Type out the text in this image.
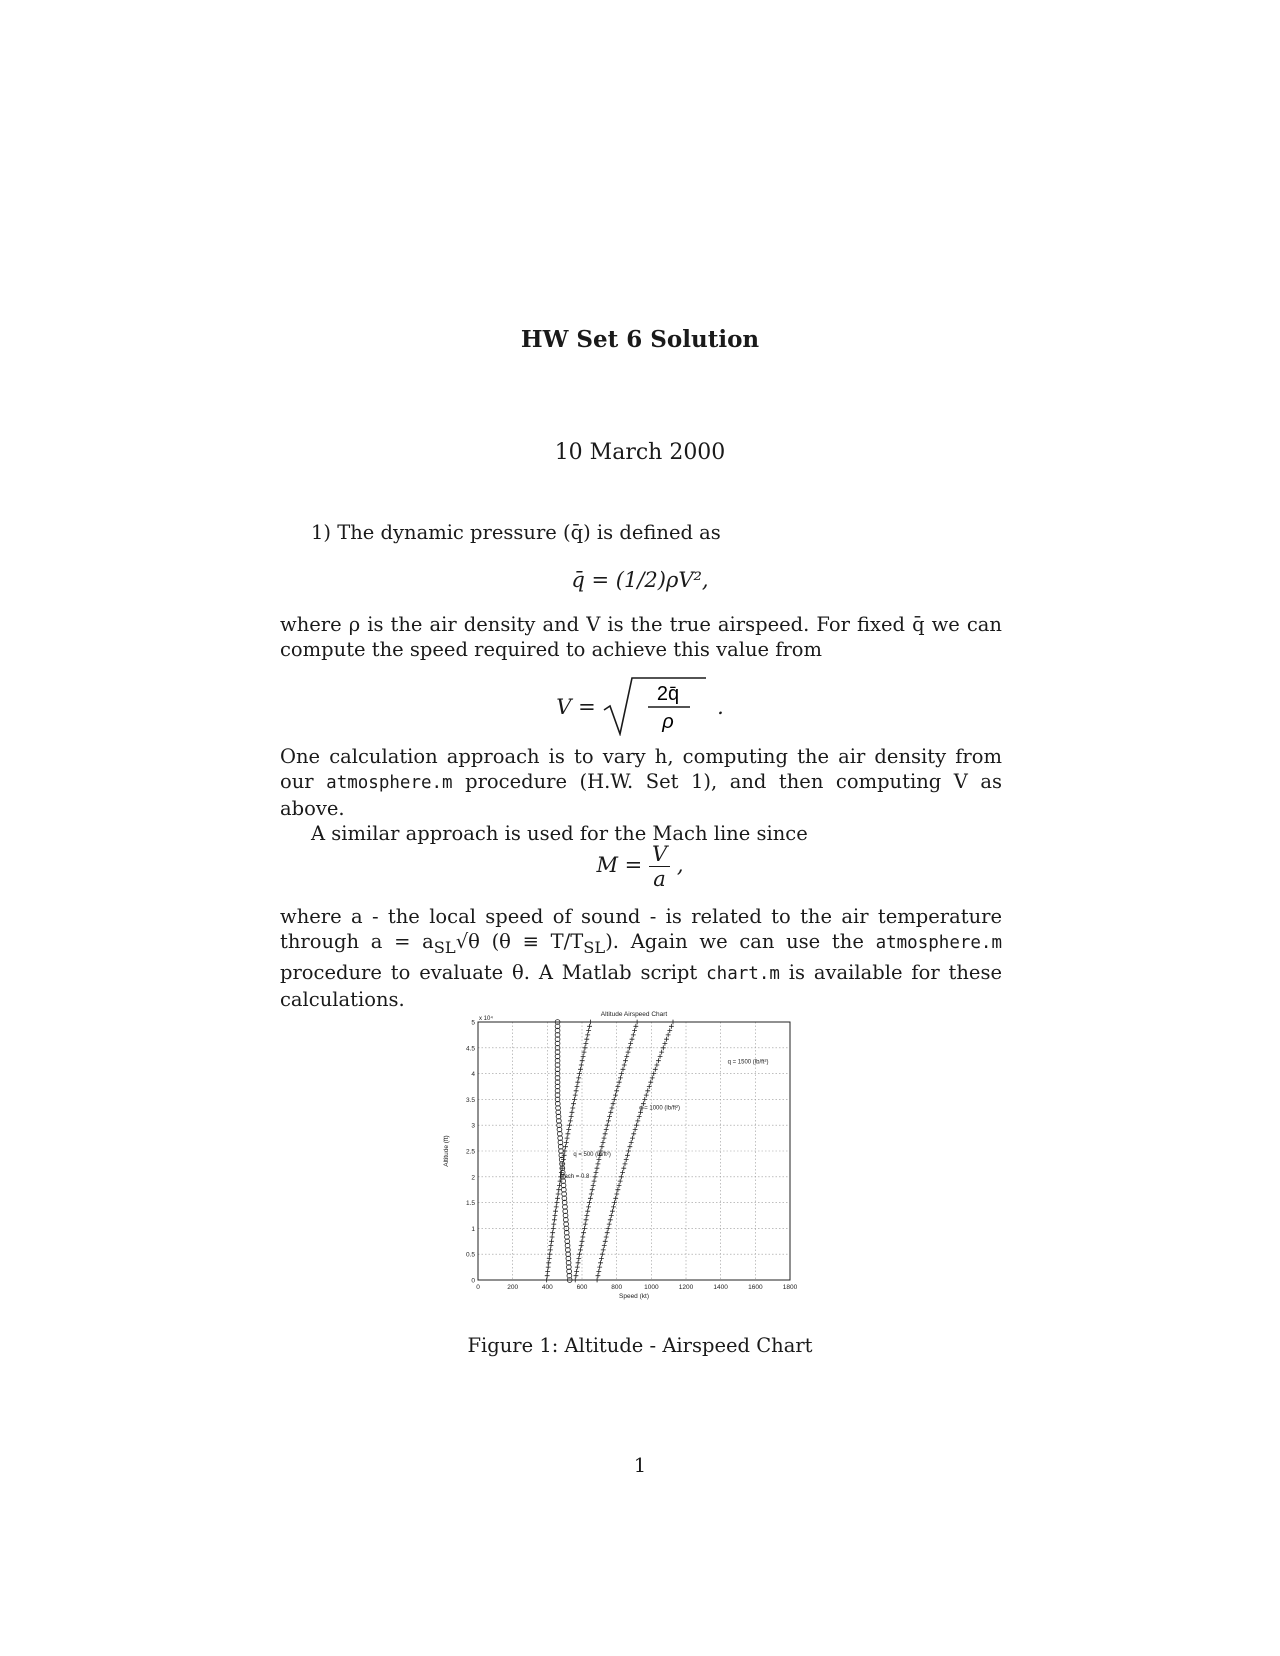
HW Set 6 Solution
10 March 2000

1) The dynamic pressure (q̄) is defined as

q̄ = (1/2)ρV²,

where ρ is the air density and V is the true airspeed. For fixed q̄ we can compute the speed required to achieve this value from

V =
2q̄
ρ
.

One calculation approach is to vary h, computing the air density from our atmosphere.m procedure (H.W. Set 1), and then computing V as above.

A similar approach is used for the Mach line since

$M = \frac{V}{a}$ ,

where a - the local speed of sound - is related to the air temperature through $a = a_{SL}√\theta$ $(\theta \equiv T/T_{SL})$. Again we can use the atmosphere.m procedure to evaluate θ. A Matlab script chart.m is available for these calculations.

0	200	400	600	800	1000	1200	1400	1600	1800
0
0.5
1
1.5
2
2.5
3
3.5
4
4.5
5
Altitude Airspeed Chart
Speed (kt)
Altitude (ft)
x 10⁴
q = 500 (lb/ft²)
q = 1000 (lb/ft²)
q = 1500 (lb/ft²)
Mach = 0.8
Figure 1: Altitude - Airspeed Chart
1
